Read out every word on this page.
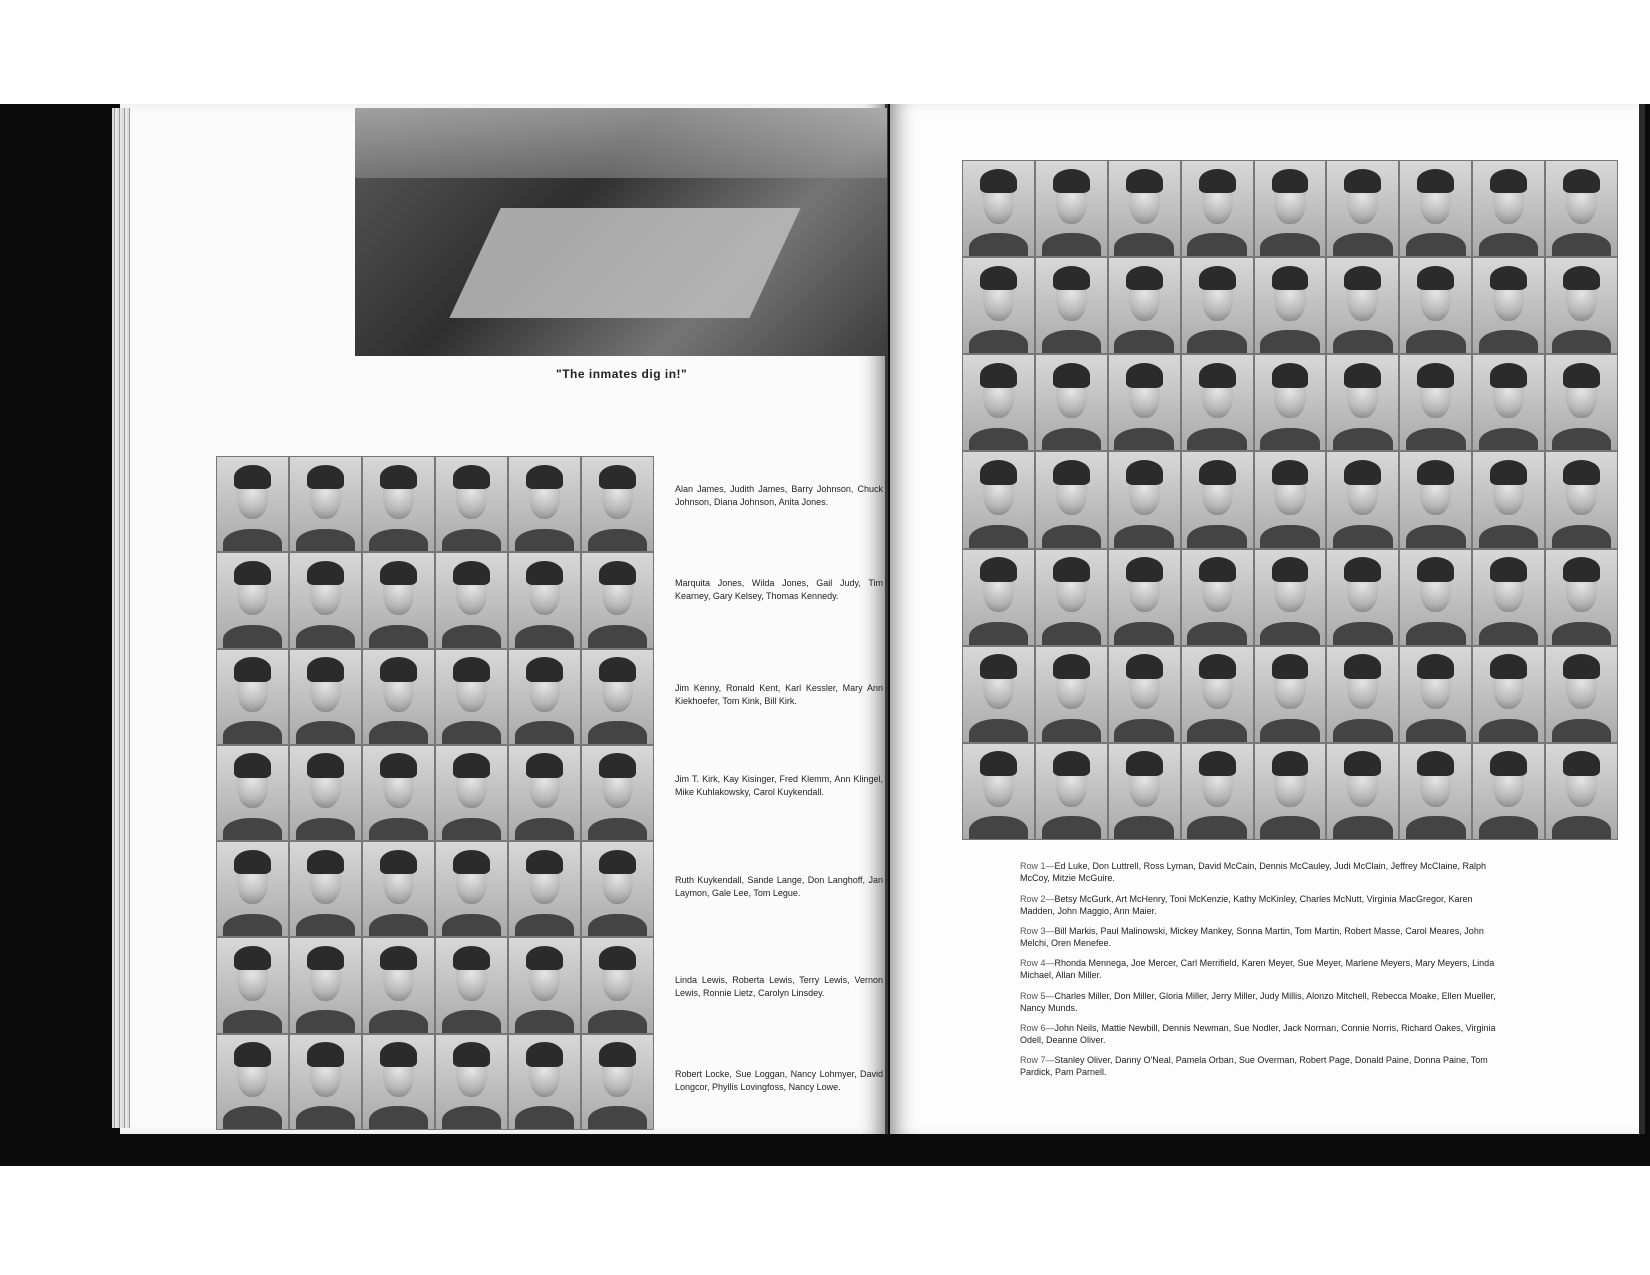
"The inmates dig in!"
Alan James, Judith James, Barry Johnson, Chuck Johnson, Diana Johnson, Anita Jones.
Marquita Jones, Wilda Jones, Gail Judy, Tim Kearney, Gary Kelsey, Thomas Kennedy.
Jim Kenny, Ronald Kent, Karl Kessler, Mary Ann Kiekhoefer, Tom Kink, Bill Kirk.
Jim T. Kirk, Kay Kisinger, Fred Klemm, Ann Klingel, Mike Kuhlakowsky, Carol Kuykendall.
Ruth Kuykendall, Sande Lange, Don Langhoff, Jan Laymon, Gale Lee, Tom Legue.
Linda Lewis, Roberta Lewis, Terry Lewis, Vernon Lewis, Ronnie Lietz, Carolyn Linsdey.
Robert Locke, Sue Loggan, Nancy Lohmyer, David Longcor, Phyllis Lovingfoss, Nancy Lowe.
Row 1—Ed Luke, Don Luttrell, Ross Lyman, David McCain, Dennis McCauley, Judi McClain, Jeffrey McClaine, Ralph McCoy, Mitzie McGuire.
Row 2—Betsy McGurk, Art McHenry, Toni McKenzie, Kathy McKinley, Charles McNutt, Virginia MacGregor, Karen Madden, John Maggio, Ann Maier.
Row 3—Bill Markis, Paul Malinowski, Mickey Mankey, Sonna Martin, Tom Martin, Robert Masse, Carol Meares, John Melchi, Oren Menefee.
Row 4—Rhonda Mennega, Joe Mercer, Carl Merrifield, Karen Meyer, Sue Meyer, Marlene Meyers, Mary Meyers, Linda Michael, Allan Miller.
Row 5—Charles Miller, Don Miller, Gloria Miller, Jerry Miller, Judy Millis, Alonzo Mitchell, Rebecca Moake, Ellen Mueller, Nancy Munds.
Row 6—John Neils, Mattie Newbill, Dennis Newman, Sue Nodler, Jack Norman, Connie Norris, Richard Oakes, Virginia Odell, Deanne Oliver.
Row 7—Stanley Oliver, Danny O'Neal, Pamela Orban, Sue Overman, Robert Page, Donald Paine, Donna Paine, Tom Pardick, Pam Parnell.
